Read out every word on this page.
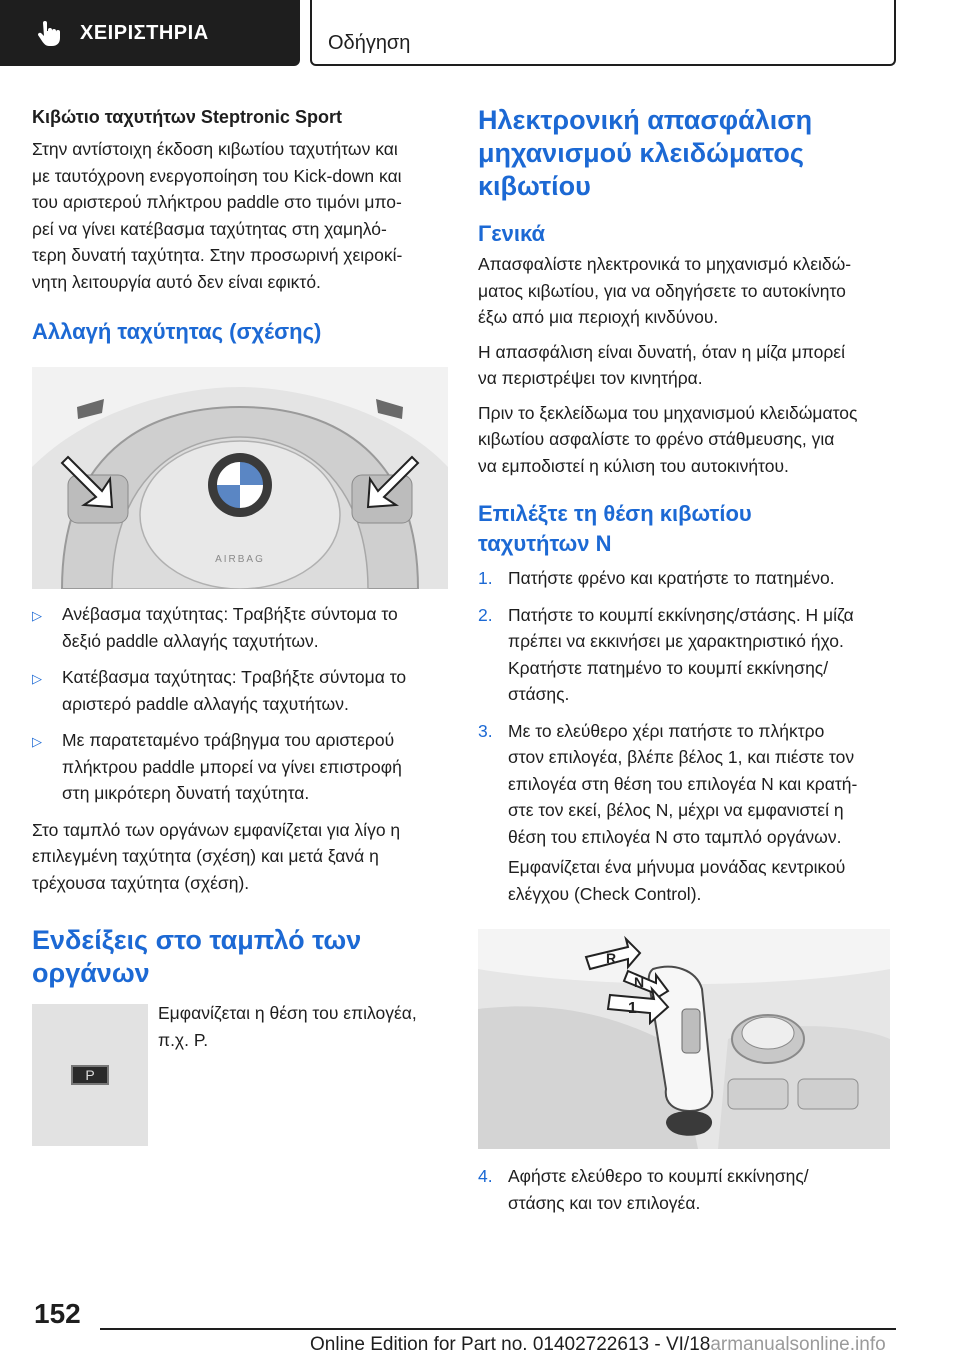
ΧΕΙΡΙΣΤΗΡΙΑ	Οδήγηση
Κιβώτιο ταχυτήτων Steptronic Sport

Στην αντίστοιχη έκδοση κιβωτίου ταχυτήτων και
με ταυτόχρονη ενεργοποίηση του Kick-down και
του αριστερού πλήκτρου paddle στο τιμόνι μπο-
ρεί να γίνει κατέβασμα ταχύτητας στη χαμηλό-
τερη δυνατή ταχύτητα. Στην προσωρινή χειροκί-
νητη λειτουργία αυτό δεν είναι εφικτό.

Αλλαγή ταχύτητας (σχέσης)
AIRBAG
▷	Ανέβασμα ταχύτητας: Τραβήξτε σύντομα το
δεξιό paddle αλλαγής ταχυτήτων.
▷	Κατέβασμα ταχύτητας: Τραβήξτε σύντομα το
αριστερό paddle αλλαγής ταχυτήτων.
▷	Με παρατεταμένο τράβηγμα του αριστερού
πλήκτρου paddle μπορεί να γίνει επιστροφή
στη μικρότερη δυνατή ταχύτητα.

Στο ταμπλό των οργάνων εμφανίζεται για λίγο η
επιλεγμένη ταχύτητα (σχέση) και μετά ξανά η
τρέχουσα ταχύτητα (σχέση).

Ενδείξεις στο ταμπλό των
οργάνων
P

Εμφανίζεται η θέση του επιλογέα,
π.χ. P.

Ηλεκτρονική απασφάλιση
μηχανισμού κλειδώματος
κιβωτίου
Γενικά

Απασφαλίστε ηλεκτρονικά το μηχανισμό κλειδώ-
ματος κιβωτίου, για να οδηγήσετε το αυτοκίνητο
έξω από μια περιοχή κινδύνου.

Η απασφάλιση είναι δυνατή, όταν η μίζα μπορεί
να περιστρέψει τον κινητήρα.

Πριν το ξεκλείδωμα του μηχανισμού κλειδώματος
κιβωτίου ασφαλίστε το φρένο στάθμευσης, για
να εμποδιστεί η κύλιση του αυτοκινήτου.

Επιλέξτε τη θέση κιβωτίου
ταχυτήτων N
1. Πατήστε φρένο και κρατήστε το πατημένο.
2. Πατήστε το κουμπί εκκίνησης/στάσης. Η μίζα
πρέπει να εκκινήσει με χαρακτηριστικό ήχο.
Κρατήστε πατημένο το κουμπί εκκίνησης/
στάσης.
3. Με το ελεύθερο χέρι πατήστε το πλήκτρο
στον επιλογέα, βλέπε βέλος 1, και πιέστε τον
επιλογέα στη θέση του επιλογέα N και κρατή-
στε τον εκεί, βέλος N, μέχρι να εμφανιστεί η
θέση του επιλογέα N στο ταμπλό οργάνων.

Εμφανίζεται ένα μήνυμα μονάδας κεντρικού
ελέγχου (Check Control).

R
N
1
4. Αφήστε ελεύθερο το κουμπί εκκίνησης/
στάσης και τον επιλογέα.
152
Online Edition for Part no. 01402722613 - VI/18armanualsonline.info
